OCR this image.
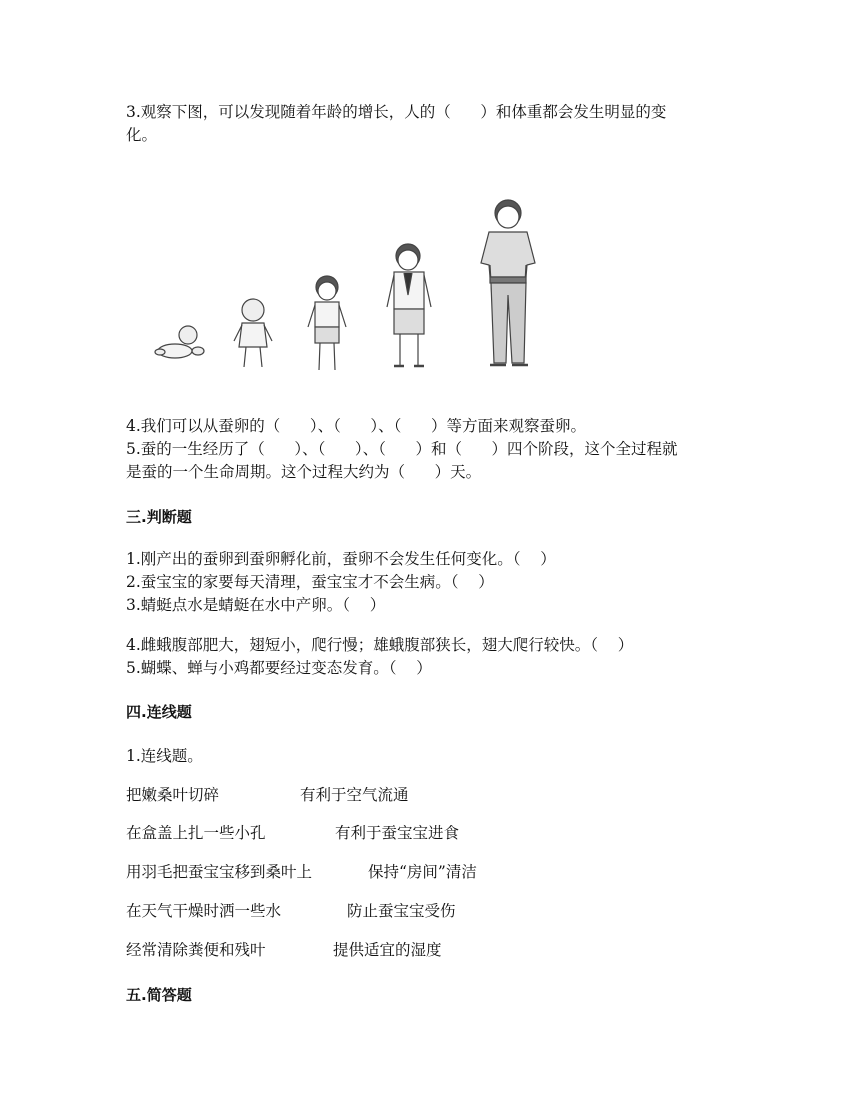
3.观察下图，可以发现随着年龄的增长，人的（      ）和体重都会发生明显的变
化。
4.我们可以从蚕卵的（      ）、（      ）、（      ）等方面来观察蚕卵。
5.蚕的一生经历了（      ）、（      ）、（      ）和（      ）四个阶段，这个全过程就
是蚕的一个生命周期。这个过程大约为（      ）天。
三.判断题
1.刚产出的蚕卵到蚕卵孵化前，蚕卵不会发生任何变化。（    ）
2.蚕宝宝的家要每天清理，蚕宝宝才不会生病。（    ）
3.蜻蜓点水是蜻蜓在水中产卵。（    ）
4.雌蛾腹部肥大，翅短小，爬行慢；雄蛾腹部狭长，翅大爬行较快。（    ）
5.蝴蝶、蝉与小鸡都要经过变态发育。（    ）
四.连线题
1.连线题。
把嫩桑叶切碎	有利于空气流通
在盒盖上扎一些小孔	有利于蚕宝宝进食
用羽毛把蚕宝宝移到桑叶上	保持“房间”清洁
在天气干燥时洒一些水	防止蚕宝宝受伤
经常清除粪便和残叶	提供适宜的湿度
五.简答题
